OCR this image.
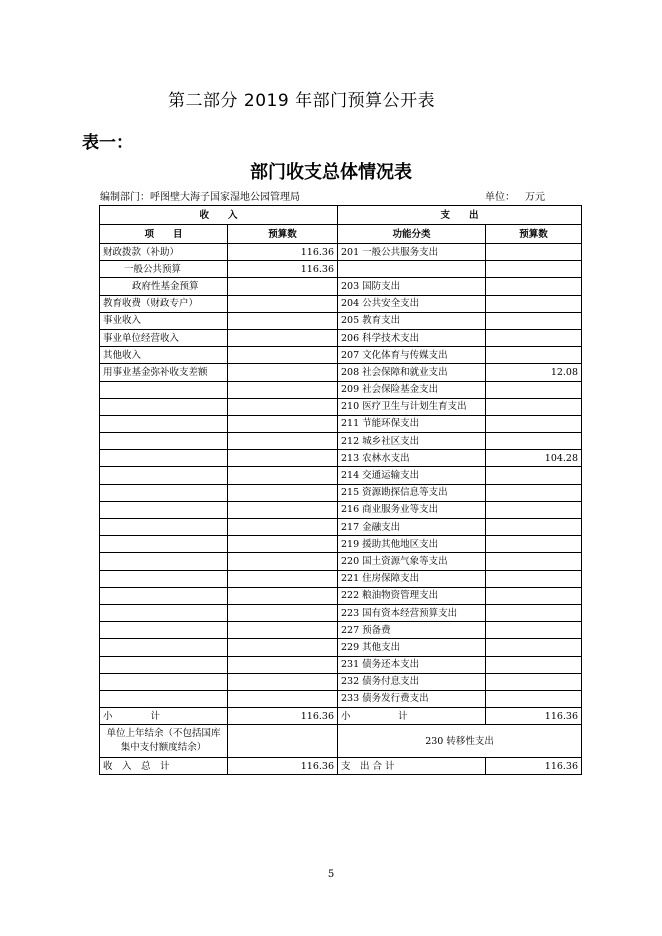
第二部分 2019 年部门预算公开表
表一：
部门收支总体情况表
编制部门：呼图壁大海子国家湿地公园管理局	单位： 万元
收　　入		支　　出	
项　　目	预算数	功能分类	预算数
财政拨款（补助）	116.36	201 一般公共服务支出	
一般公共预算	116.36		
政府性基金预算		203 国防支出	
教育收费（财政专户）		204 公共安全支出	
事业收入		205 教育支出	
事业单位经营收入		206 科学技术支出	
其他收入		207 文化体育与传媒支出	
用事业基金弥补收支差额		208 社会保障和就业支出	12.08
		209 社会保险基金支出	
		210 医疗卫生与计划生育支出	
		211 节能环保支出	
		212 城乡社区支出	
		213 农林水支出	104.28
		214 交通运输支出	
		215 资源勘探信息等支出	
		216 商业服务业等支出	
		217 金融支出	
		219 援助其他地区支出	
		220 国土资源气象等支出	
		221 住房保障支出	
		222 粮油物资管理支出	
		223 国有资本经营预算支出	
		227 预备费	
		229 其他支出	
		231 债务还本支出	
		232 债务付息支出	
		233 债务发行费支出	
小　　　　计	116.36	小　　　　　计	116.36
单位上年结余（不包括国库集中支付额度结余）		230 转移性支出	
收　入　总　计	116.36	支　出 合 计	116.36
5
